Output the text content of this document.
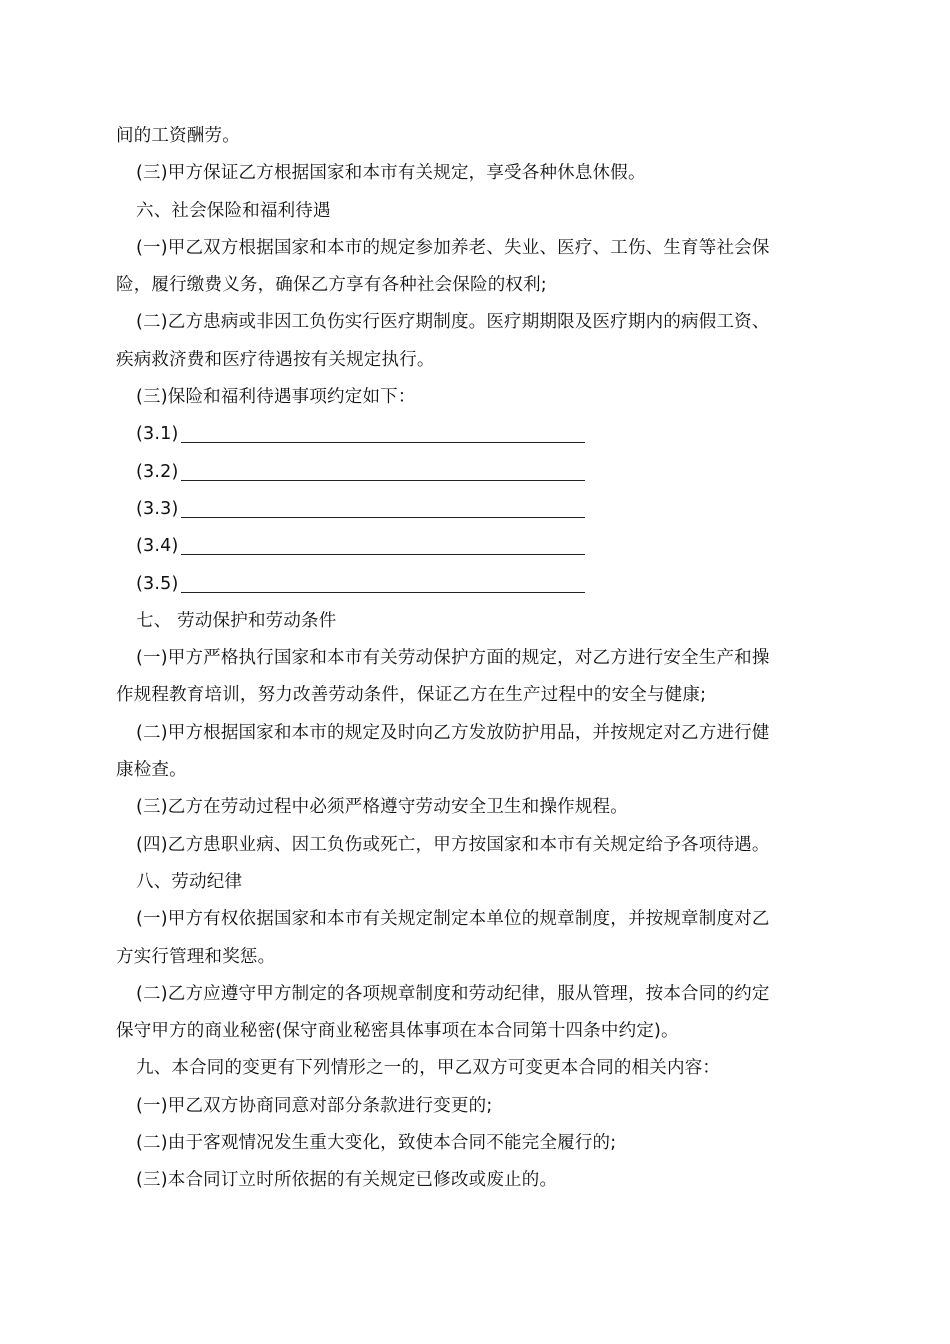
间的工资酬劳。
(三)甲方保证乙方根据国家和本市有关规定，享受各种休息休假。
六、社会保险和福利待遇
(一)甲乙双方根据国家和本市的规定参加养老、失业、医疗、工伤、生育等社会保
险，履行缴费义务，确保乙方享有各种社会保险的权利;
(二)乙方患病或非因工负伤实行医疗期制度。医疗期期限及医疗期内的病假工资、
疾病救济费和医疗待遇按有关规定执行。
(三)保险和福利待遇事项约定如下：
(3.1)
(3.2)
(3.3)
(3.4)
(3.5)
七、 劳动保护和劳动条件
(一)甲方严格执行国家和本市有关劳动保护方面的规定，对乙方进行安全生产和操
作规程教育培训，努力改善劳动条件，保证乙方在生产过程中的安全与健康;
(二)甲方根据国家和本市的规定及时向乙方发放防护用品，并按规定对乙方进行健
康检查。
(三)乙方在劳动过程中必须严格遵守劳动安全卫生和操作规程。
(四)乙方患职业病、因工负伤或死亡，甲方按国家和本市有关规定给予各项待遇。
八、劳动纪律
(一)甲方有权依据国家和本市有关规定制定本单位的规章制度，并按规章制度对乙
方实行管理和奖惩。
(二)乙方应遵守甲方制定的各项规章制度和劳动纪律，服从管理，按本合同的约定
保守甲方的商业秘密(保守商业秘密具体事项在本合同第十四条中约定)。
九、本合同的变更有下列情形之一的，甲乙双方可变更本合同的相关内容：
(一)甲乙双方协商同意对部分条款进行变更的;
(二)由于客观情况发生重大变化，致使本合同不能完全履行的;
(三)本合同订立时所依据的有关规定已修改或废止的。
